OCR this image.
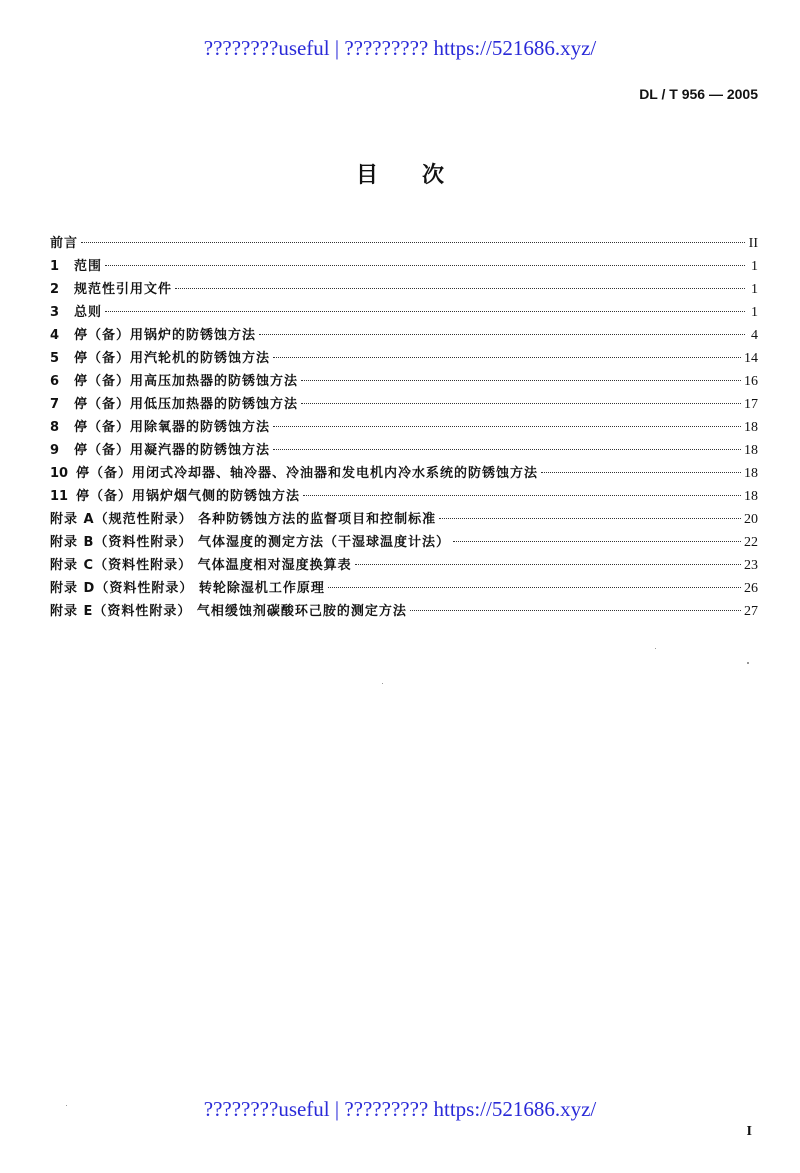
????????useful | ????????? https://521686.xyz/
DL / T 956 — 2005
目次
前言	II
1	范围	1
2	规范性引用文件	1
3	总则	1
4	停（备）用锅炉的防锈蚀方法	4
5	停（备）用汽轮机的防锈蚀方法	14
6	停（备）用高压加热器的防锈蚀方法	16
7	停（备）用低压加热器的防锈蚀方法	17
8	停（备）用除氧器的防锈蚀方法	18
9	停（备）用凝汽器的防锈蚀方法	18
10 停（备）用闭式冷却器、轴冷器、冷油器和发电机内冷水系统的防锈蚀方法	18
11 停（备）用锅炉烟气侧的防锈蚀方法	18
附录 A（规范性附录） 各种防锈蚀方法的监督项目和控制标准	20
附录 B（资料性附录） 气体湿度的测定方法（干湿球温度计法）	22
附录 C（资料性附录） 气体温度相对湿度换算表	23
附录 D（资料性附录） 转轮除湿机工作原理	26
附录 E（资料性附录） 气相缓蚀剂碳酸环己胺的测定方法	27
????????useful | ????????? https://521686.xyz/
I
